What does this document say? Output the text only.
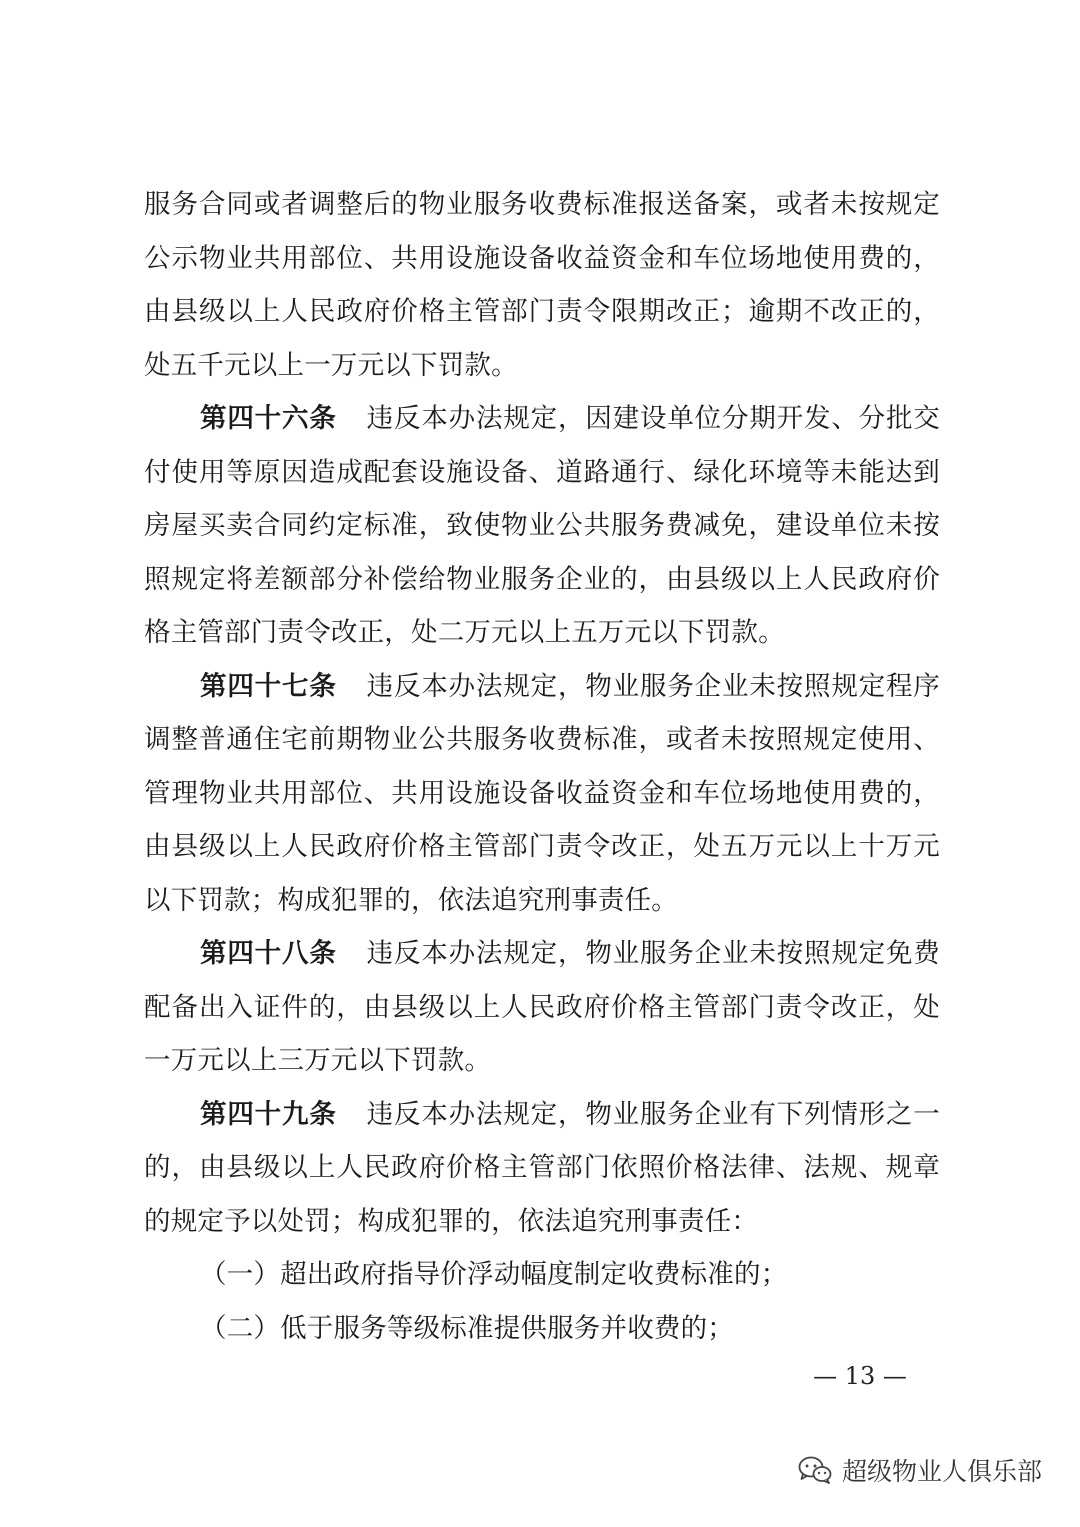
服务合同或者调整后的物业服务收费标准报送备案，或者未按规定公示物业共用部位、共用设施设备收益资金和车位场地使用费的，由县级以上人民政府价格主管部门责令限期改正；逾期不改正的，处五千元以上一万元以下罚款。

第四十六条 违反本办法规定，因建设单位分期开发、分批交付使用等原因造成配套设施设备、道路通行、绿化环境等未能达到房屋买卖合同约定标准，致使物业公共服务费减免，建设单位未按照规定将差额部分补偿给物业服务企业的，由县级以上人民政府价格主管部门责令改正，处二万元以上五万元以下罚款。

第四十七条 违反本办法规定，物业服务企业未按照规定程序调整普通住宅前期物业公共服务收费标准，或者未按照规定使用、管理物业共用部位、共用设施设备收益资金和车位场地使用费的，由县级以上人民政府价格主管部门责令改正，处五万元以上十万元以下罚款；构成犯罪的，依法追究刑事责任。

第四十八条 违反本办法规定，物业服务企业未按照规定免费配备出入证件的，由县级以上人民政府价格主管部门责令改正，处一万元以上三万元以下罚款。

第四十九条 违反本办法规定，物业服务企业有下列情形之一的，由县级以上人民政府价格主管部门依照价格法律、法规、规章的规定予以处罚；构成犯罪的，依法追究刑事责任：

（一）超出政府指导价浮动幅度制定收费标准的；

（二）低于服务等级标准提供服务并收费的；

— 13 —
超级物业人俱乐部
